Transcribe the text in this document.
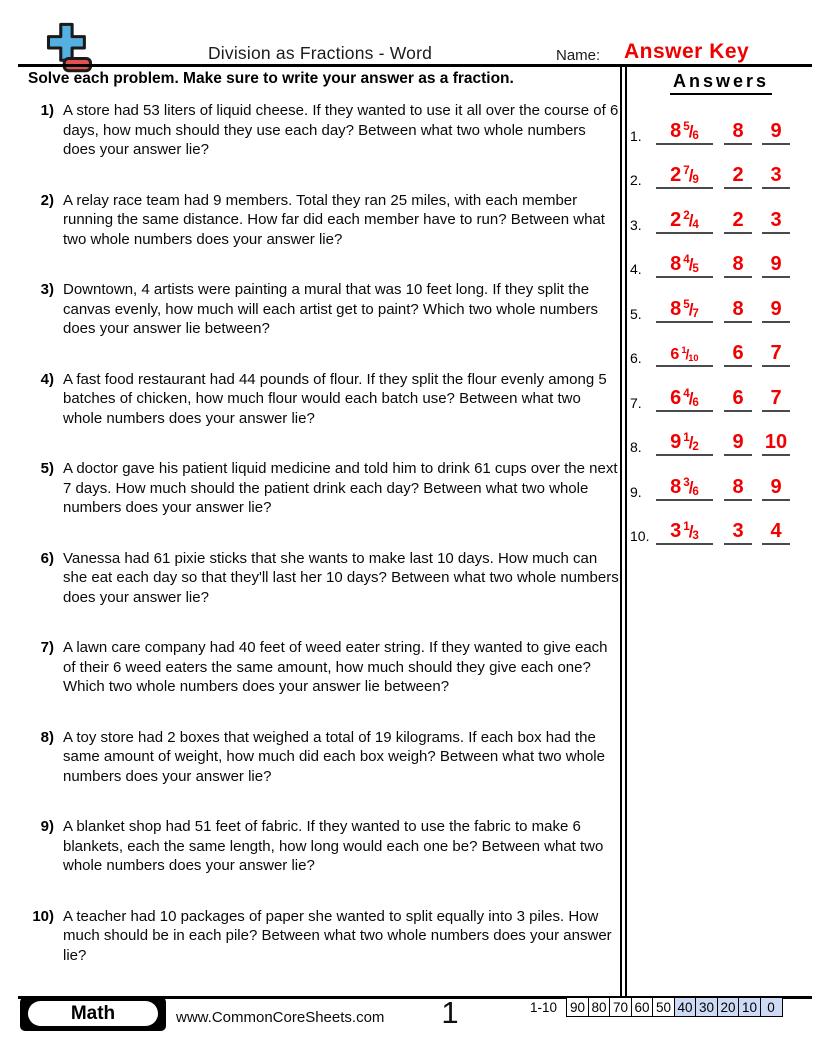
Division as Fractions - Word	Name: Answer Key
Solve each problem. Make sure to write your answer as a fraction.	Answers
1.	8 $^5$/6	8	9
2.	2 $^7$/9	2	3
3.	2 $^2$/4	2	3
4.	8 $^4$/5	8	9
5.	8 $^5$/7	8	9
6.	6 $^1$/10	6	7
7.	6 $^4$/6	6	7
8.	9 $^1$/2	9	10
9.	8 $^3$/6	8	9
10.	3 $^1$/3	3	4
1) A store had 53 liters of liquid cheese. If they wanted to use it all over the course of 6 days, how much should they use each day? Between what two whole numbers does your answer lie?
2) A relay race team had 9 members. Total they ran 25 miles, with each member running the same distance. How far did each member have to run? Between what two whole numbers does your answer lie?
3) Downtown, 4 artists were painting a mural that was 10 feet long. If they split the canvas evenly, how much will each artist get to paint? Which two whole numbers does your answer lie between?
4) A fast food restaurant had 44 pounds of flour. If they split the flour evenly among 5 batches of chicken, how much flour would each batch use? Between what two whole numbers does your answer lie?
5) A doctor gave his patient liquid medicine and told him to drink 61 cups over the next 7 days. How much should the patient drink each day? Between what two whole numbers does your answer lie?
6) Vanessa had 61 pixie sticks that she wants to make last 10 days. How much can she eat each day so that they'll last her 10 days? Between what two whole numbers does your answer lie?
7) A lawn care company had 40 feet of weed eater string. If they wanted to give each of their 6 weed eaters the same amount, how much should they give each one? Which two whole numbers does your answer lie between?
8) A toy store had 2 boxes that weighed a total of 19 kilograms. If each box had the same amount of weight, how much did each box weigh? Between what two whole numbers does your answer lie?
9) A blanket shop had 51 feet of fabric. If they wanted to use the fabric to make 6 blankets, each the same length, how long would each one be? Between what two whole numbers does your answer lie?
10) A teacher had 10 packages of paper she wanted to split equally into 3 piles. How much should be in each pile? Between what two whole numbers does your answer lie?
Math	www.CommonCoreSheets.com	1	1-10 90 80 70 60 50 40 30 20 10 0
